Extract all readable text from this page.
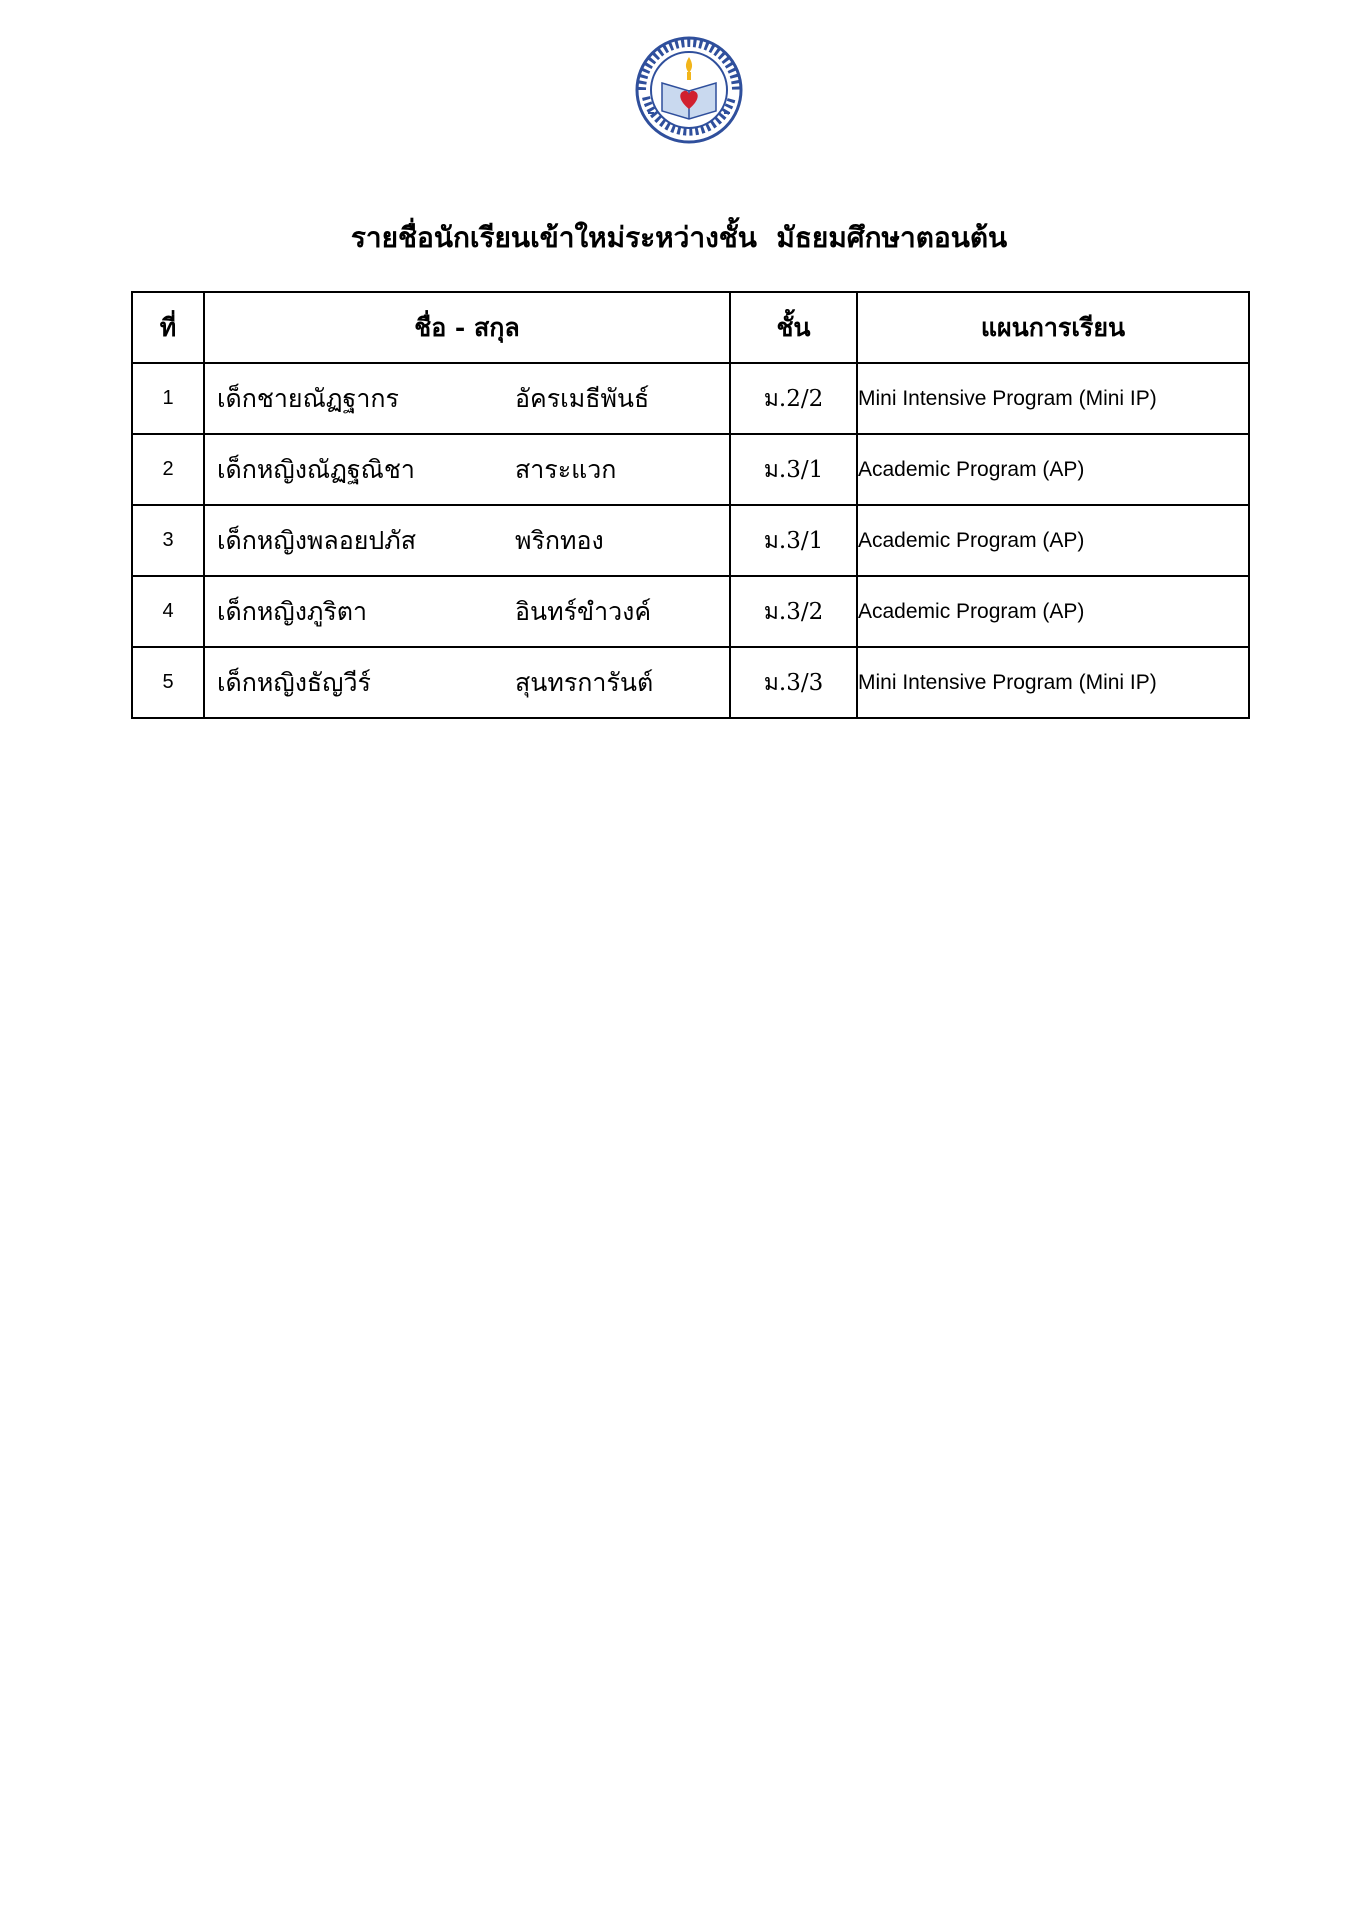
รายชื่อนักเรียนเข้าใหม่ระหว่างชั้น  มัธยมศึกษาตอนต้น
ที่	ชื่อ - สกุล	ชั้น	แผนการเรียน
1	เด็กชายณัฏฐากร อัครเมธีพันธ์	ม.2/2	Mini Intensive Program (Mini IP)
2	เด็กหญิงณัฏฐณิชา สาระแวก	ม.3/1	Academic Program (AP)
3	เด็กหญิงพลอยปภัส พริกทอง	ม.3/1	Academic Program (AP)
4	เด็กหญิงภูริตา อินทร์ขำวงค์	ม.3/2	Academic Program (AP)
5	เด็กหญิงธัญวีร์ สุนทรการันต์	ม.3/3	Mini Intensive Program (Mini IP)
